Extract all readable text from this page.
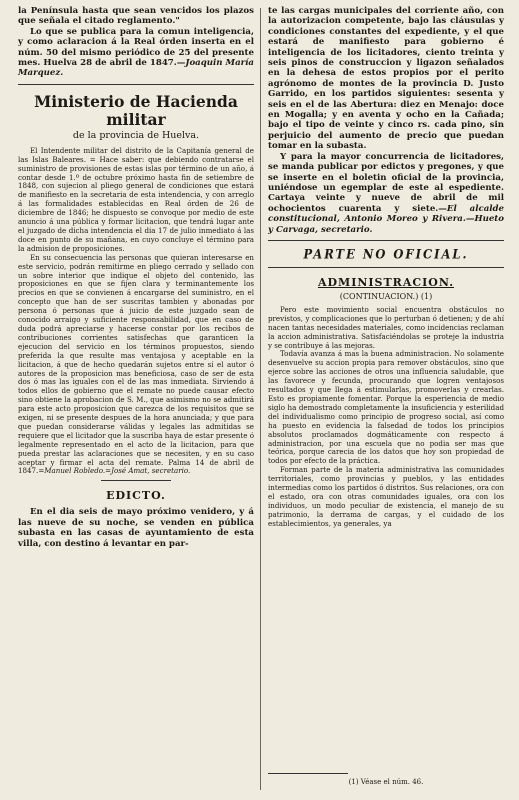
la Península hasta que sean vencidos los plazos que señala el citado reglamento."

Lo que se publica para la comun inteligencia, y como aclaracion á la Real órden inserta en el núm. 50 del mismo periódico de 25 del presente mes. Huelva 28 de abril de 1847.—Joaquin María Marquez.

Ministerio de Hacienda militar
de la provincia de Huelva.

El Intendente militar del distrito de la Capitanía general de las Islas Baleares. = Hace saber: que debiendo contratarse el suministro de provisiones de estas islas por término de un año, á contar desde 1.º de octubre próximo hasta fin de setiembre de 1848, con sujecion al pliego general de condiciones que estará de manifiesto en la secretaria de esta intendencia, y con arreglo á las formalidades establecidas en Real órden de 26 de diciembre de 1846; he dispuesto se convoque por medio de este anuncio á una pública y formar licitacion, que tendrá lugar ante el juzgado de dicha intendencia el dia 17 de julio inmediato á las doce en punto de su mañana, en cuyo concluye el término para la admision de proposiciones.

En su consecuencia las personas que quieran interesarse en este servicio, podrán remitirme en pliego cerrado y sellado con un sobre interior que indique el objeto del contenido, las proposiciones en que se fijen clara y terminantemente los precios en que se convienen á encargarse del suministro, en el concepto que han de ser suscritas tambien y abonadas por persona ó personas que á juicio de este juzgado sean de conocido arraigo y suficiente responsabilidad, que en caso de duda podrá apreciarse y hacerse constar por los recibos de contribuciones corrientes satisfechas que garanticen la ejecucion del servicio en los términos propuestos, siendo preferida la que resulte mas ventajosa y aceptable en la licitacion, á que de hecho quedarán sujetos entre sí el autor ó autores de la proposicion mas beneficiosa, caso de ser de esta dos ó mas las iguales con el de las mas inmediata. Sirviendo á todos ellos de gobierno que el remate no puede causar efecto sino obtiene la aprobacion de S. M., que asimismo no se admitirá para este acto proposicion que carezca de los requisitos que se exigen, ni se presente despues de la hora anunciada; y que para que puedan considerarse válidas y legales las admitidas se requiere que el licitador que la suscriba haya de estar presente ó legalmente representado en el acto de la licitacion, para que pueda prestar las aclaraciones que se necesiten, y en su caso aceptar y firmar el acta del remate. Palma 14 de abril de 1847.=Manuel Robledo.=José Amat, secretario.

EDICTO.

En el dia seis de mayo próximo venidero, y á las nueve de su noche, se venden en pública subasta en las casas de ayuntamiento de esta villa, con destino á levantar en par-

te las cargas municipales del corriente año, con la autorizacion competente, bajo las cláusulas y condiciones constantes del expediente, y el que estará de manifiesto para gobierno é inteligencia de los licitadores, ciento treinta y seis pinos de construccion y ligazon señalados en la dehesa de estos propios por el perito agrónomo de montes de la provincia D. Justo Garrido, en los partidos siguientes: sesenta y seis en el de las Abertura: diez en Menajo: doce en Mogalla; y en aventa y ocho en la Cañada; bajo el tipo de veinte y cinco rs. cada pino, sin perjuicio del aumento de precio que puedan tomar en la subasta.

Y para la mayor concurrencia de licitadores, se manda publicar por edictos y pregones, y que se inserte en el boletin oficial de la provincia, uniéndose un egemplar de este al espediente. Cartaya veinte y nueve de abril de mil ochocientos cuarenta y siete.—El alcalde constitucional, Antonio Moreo y Rivera.—Hueto y Carvaga, secretario.

PARTE NO OFICIAL.
ADMINISTRACION.
(CONTINUACION.) (1)

Pero este movimiento social encuentra obstáculos no previstos, y complicaciones que lo perturban ó detienen; y de ahí nacen tantas necesidades materiales, como incidencias reclaman la accion administrativa. Satisfaciéndolas se proteje la industria y se contribuye á las mejoras.

Todavía avanza á mas la buena administracion. No solamente desenvuelve su accion propia para remover obstáculos, sino que ejerce sobre las acciones de otros una influencia saludable, que las favorece y fecunda, procurando que logren ventajosos resultados y que llega á estimularlas, promoverlas y crearlas. Esto es propiamente fomentar. Porque la esperiencia de medio siglo ha demostrado completamente la insuficiencia y esterilidad del individualismo como principio de progreso social, así como ha puesto en evidencia la falsedad de todos los principios absolutos proclamados dogmáticamente con respecto á administracion, por una escuela que no podia ser mas que teórica, porque carecia de los datos que hoy son propiedad de todos por efecto de la práctica.

Forman parte de la materia administrativa las comunidades territoriales, como provincias y pueblos, y las entidades intermedias como los partidos ó distritos. Sus relaciones, ora con el estado, ora con otras comunidades iguales, ora con los individuos, un modo peculiar de existencia, el manejo de su patrimonio, la derrama de cargas, y el cuidado de los establecimientos, ya generales, ya

(1) Véase el núm. 46.
